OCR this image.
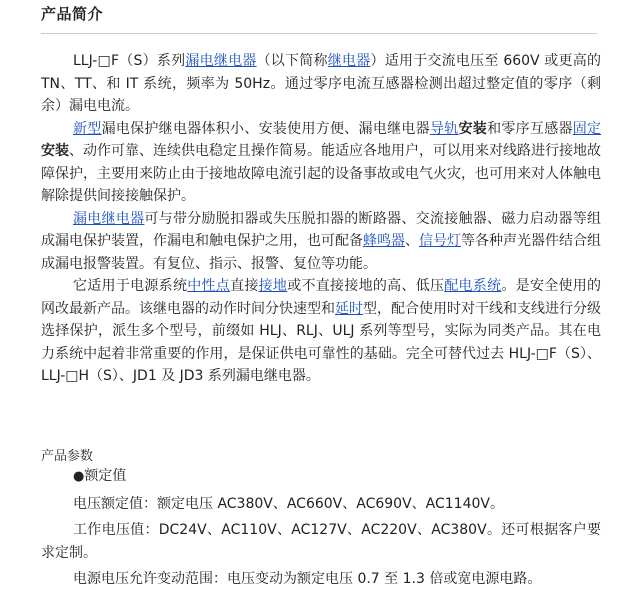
产品简介

LLJ-□F（S）系列漏电继电器（以下简称继电器）适用于交流电压至 660V 或更高的 TN、TT、和 IT 系统，频率为 50Hz。通过零序电流互感器检测出超过整定值的零序（剩余）漏电电流。

新型漏电保护继电器体积小、安装使用方便、漏电继电器导轨安装和零序互感器固定安装、动作可靠、连续供电稳定且操作简易。能适应各地用户，可以用来对线路进行接地故障保护，主要用来防止由于接地故障电流引起的设备事故或电气火灾，也可用来对人体触电解除提供间接接触保护。

漏电继电器可与带分励脱扣器或失压脱扣器的断路器、交流接触器、磁力启动器等组成漏电保护装置，作漏电和触电保护之用，也可配备蜂鸣器、信号灯等各种声光器件结合组成漏电报警装置。有复位、指示、报警、复位等功能。

它适用于电源系统中性点直接接地或不直接接地的高、低压配电系统。是安全使用的网改最新产品。该继电器的动作时间分快速型和延时型，配合使用时对干线和支线进行分级选择保护，派生多个型号，前缀如 HLJ、RLJ、ULJ 系列等型号，实际为同类产品。其在电力系统中起着非常重要的作用，是保证供电可靠性的基础。完全可替代过去 HLJ-□F（S）、LLJ-□H（S）、JD1 及 JD3 系列漏电继电器。

产品参数

●额定值

电压额定值：额定电压 AC380V、AC660V、AC690V、AC1140V。

工作电压值：DC24V、AC110V、AC127V、AC220V、AC380V。还可根据客户要求定制。

电源电压允许变动范围：电压变动为额定电压 0.7 至 1.3 倍或宽电源电路。
